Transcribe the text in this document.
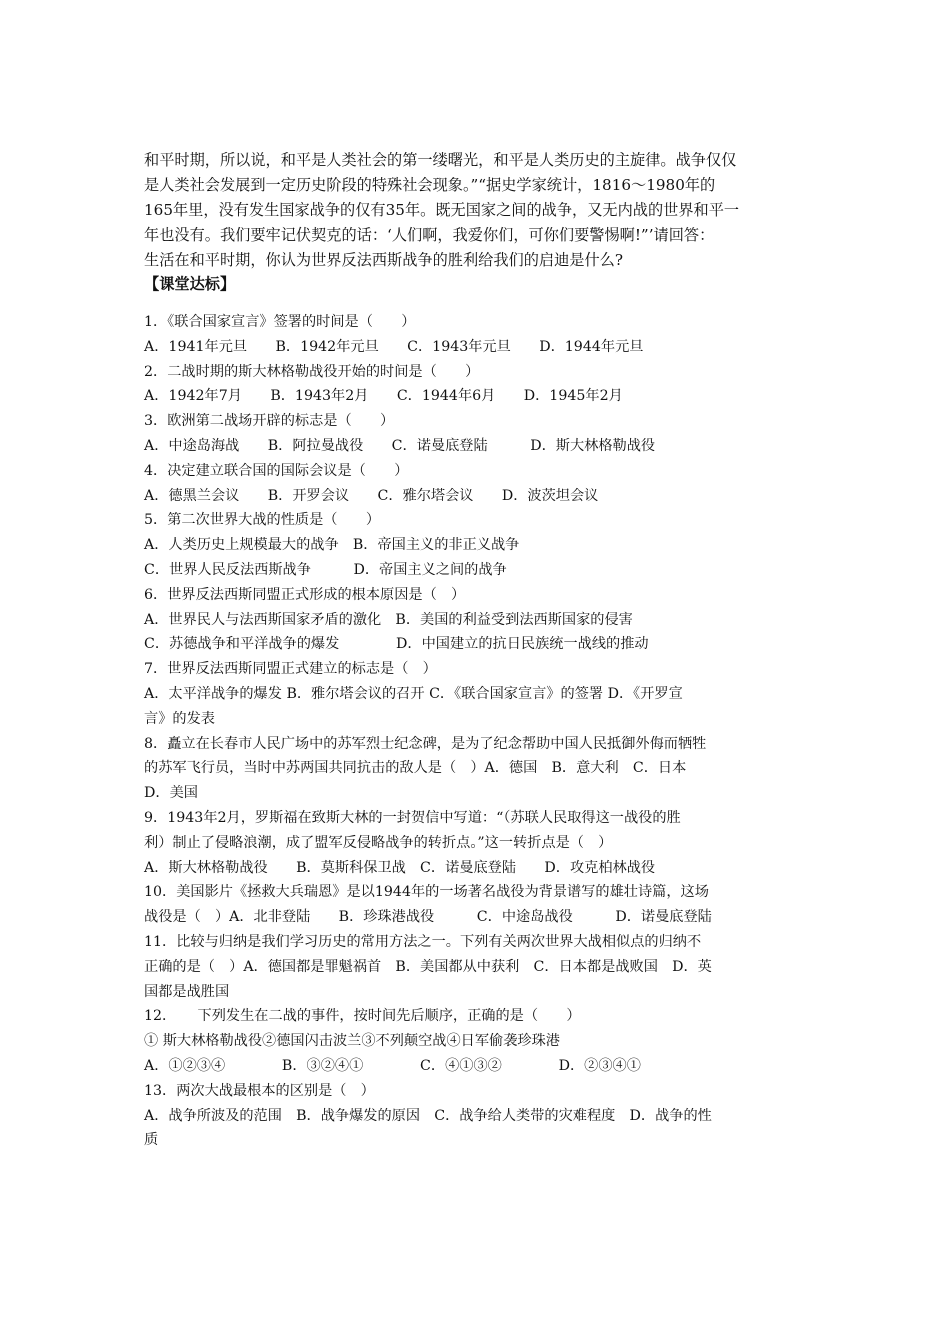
和平时期，所以说，和平是人类社会的第一缕曙光，和平是人类历史的主旋律。战争仅仅

是人类社会发展到一定历史阶段的特殊社会现象。”“据史学家统计，1816～1980年的

165年里，没有发生国家战争的仅有35年。既无国家之间的战争，又无内战的世界和平一

年也没有。我们要牢记伏契克的话：‘人们啊，我爱你们，可你们要警惕啊!”’请回答：

生活在和平时期，你认为世界反法西斯战争的胜利给我们的启迪是什么?

【课堂达标】

1．《联合国家宣言》签署的时间是（　　）

A．1941年元旦　　B．1942年元旦　　C．1943年元旦　　D．1944年元旦

2．二战时期的斯大林格勒战役开始的时间是（　　）

A．1942年7月　　B．1943年2月　　C．1944年6月　　D．1945年2月

3．欧洲第二战场开辟的标志是（　　）

A．中途岛海战　　B．阿拉曼战役　　C．诺曼底登陆　　　D．斯大林格勒战役

4．决定建立联合国的国际会议是（　　）

A．德黑兰会议　　B．开罗会议　　C．雅尔塔会议　　D．波茨坦会议

5．第二次世界大战的性质是（　　）

A．人类历史上规模最大的战争　B．帝国主义的非正义战争

C．世界人民反法西斯战争　　　D．帝国主义之间的战争

6．世界反法西斯同盟正式形成的根本原因是（　）

A．世界民人与法西斯国家矛盾的激化　B．美国的利益受到法西斯国家的侵害

C．苏德战争和平洋战争的爆发　　　　D．中国建立的抗日民族统一战线的推动

7．世界反法西斯同盟正式建立的标志是（　）

A．太平洋战争的爆发 B．雅尔塔会议的召开 C．《联合国家宣言》的签署 D．《开罗宣

言》的发表

8．矗立在长春市人民广场中的苏军烈士纪念碑，是为了纪念帮助中国人民抵御外侮而牺牲

的苏军飞行员，当时中苏两国共同抗击的敌人是（　）A．德国　B．意大利　C．日本

D．美国

9．1943年2月，罗斯福在致斯大林的一封贺信中写道：“（苏联人民取得这一战役的胜

利）制止了侵略浪潮，成了盟军反侵略战争的转折点。”这一转折点是（　）

A．斯大林格勒战役　　B．莫斯科保卫战　C．诺曼底登陆　　D．攻克柏林战役

10．美国影片《拯救大兵瑞恩》是以1944年的一场著名战役为背景谱写的雄壮诗篇，这场

战役是（　）A．北非登陆　　B．珍珠港战役　　　C．中途岛战役　　　D．诺曼底登陆

11．比较与归纳是我们学习历史的常用方法之一。下列有关两次世界大战相似点的归纳不

正确的是（　）A．德国都是罪魁祸首　B．美国都从中获利　C．日本都是战败国　D．英

国都是战胜国

12．　　下列发生在二战的事件，按时间先后顺序，正确的是（　　）

① 斯大林格勒战役②德国闪击波兰③不列颠空战④日军偷袭珍珠港

A．①②③④　　　　B．③②④①　　　　C．④①③②　　　　D．②③④①

13．两次大战最根本的区别是（　）

A．战争所波及的范围　B．战争爆发的原因　C．战争给人类带的灾难程度　D．战争的性

质
